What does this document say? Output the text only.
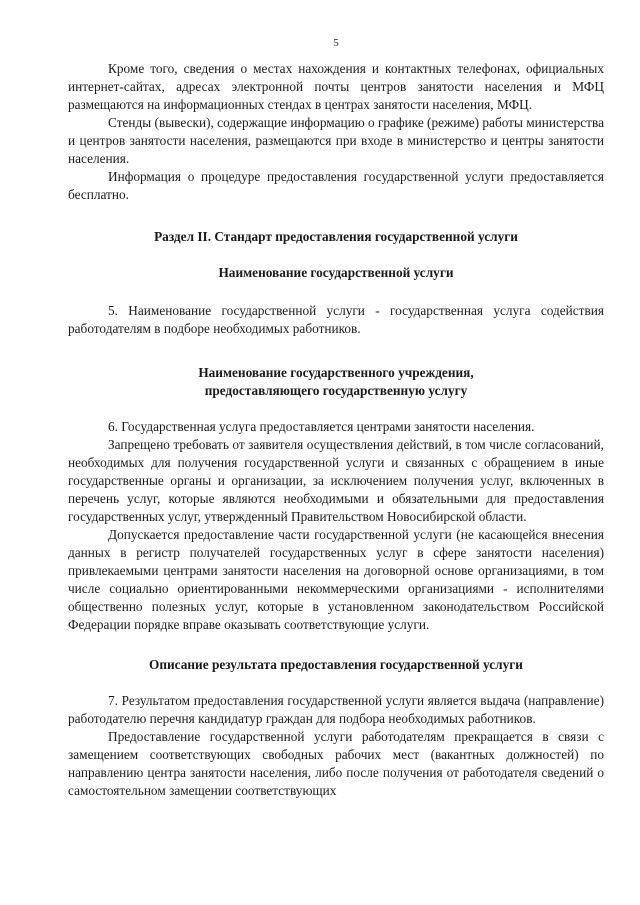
5

Кроме того, сведения о местах нахождения и контактных телефонах, официальных интернет-сайтах, адресах электронной почты центров занятости населения и МФЦ размещаются на информационных стендах в центрах занятости населения, МФЦ.

Стенды (вывески), содержащие информацию о графике (режиме) работы министерства и центров занятости населения, размещаются при входе в министерство и центры занятости населения.

Информация о процедуре предоставления государственной услуги предоставляется бесплатно.

Раздел II. Стандарт предоставления государственной услуги
Наименование государственной услуги

5. Наименование государственной услуги - государственная услуга содействия работодателям в подборе необходимых работников.

Наименование государственного учреждения,
предоставляющего государственную услугу

6. Государственная услуга предоставляется центрами занятости населения.

Запрещено требовать от заявителя осуществления действий, в том числе согласований, необходимых для получения государственной услуги и связанных с обращением в иные государственные органы и организации, за исключением получения услуг, включенных в перечень услуг, которые являются необходимыми и обязательными для предоставления государственных услуг, утвержденный Правительством Новосибирской области.

Допускается предоставление части государственной услуги (не касающейся внесения данных в регистр получателей государственных услуг в сфере занятости населения) привлекаемыми центрами занятости населения на договорной основе организациями, в том числе социально ориентированными некоммерческими организациями - исполнителями общественно полезных услуг, которые в установленном законодательством Российской Федерации порядке вправе оказывать соответствующие услуги.

Описание результата предоставления государственной услуги

7. Результатом предоставления государственной услуги является выдача (направление) работодателю перечня кандидатур граждан для подбора необходимых работников.

Предоставление государственной услуги работодателям прекращается в связи с замещением соответствующих свободных рабочих мест (вакантных должностей) по направлению центра занятости населения, либо после получения от работодателя сведений о самостоятельном замещении соответствующих
